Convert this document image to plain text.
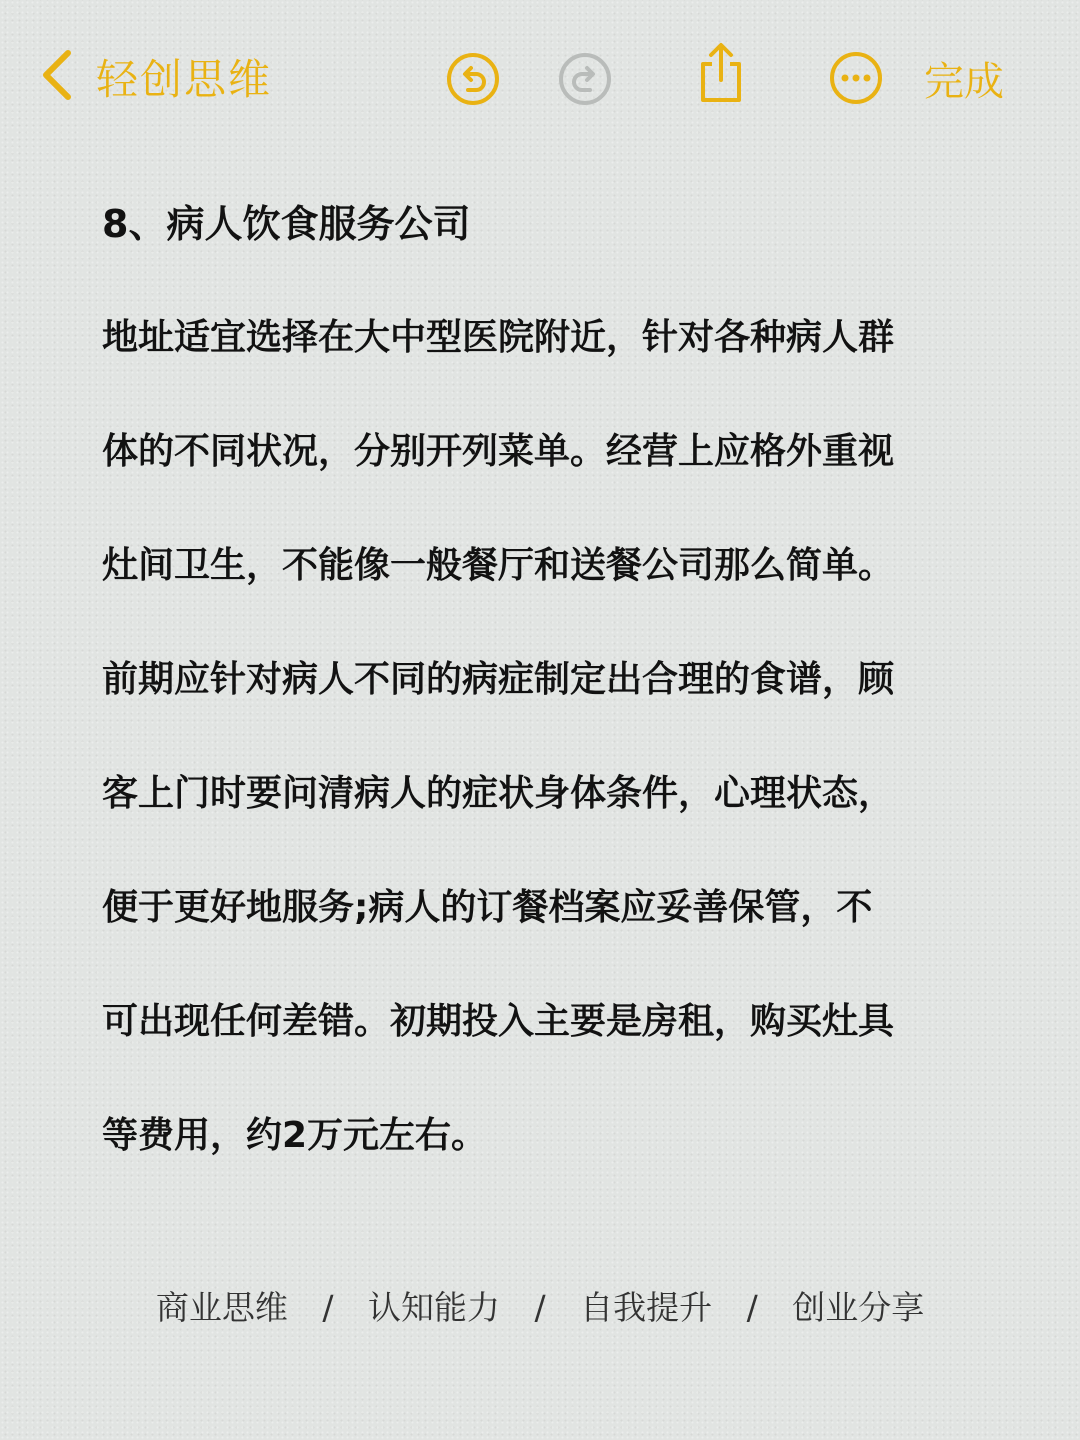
轻创思维	完成
8、病人饮食服务公司
地址适宜选择在大中型医院附近，针对各种病人群
体的不同状况，分别开列菜单。经营上应格外重视
灶间卫生，不能像一般餐厅和送餐公司那么简单。
前期应针对病人不同的病症制定出合理的食谱，顾
客上门时要问清病人的症状身体条件，心理状态，
便于更好地服务;病人的订餐档案应妥善保管，不
可出现任何差错。初期投入主要是房租，购买灶具
等费用，约2万元左右。
商业思维 / 认知能力 / 自我提升 / 创业分享
